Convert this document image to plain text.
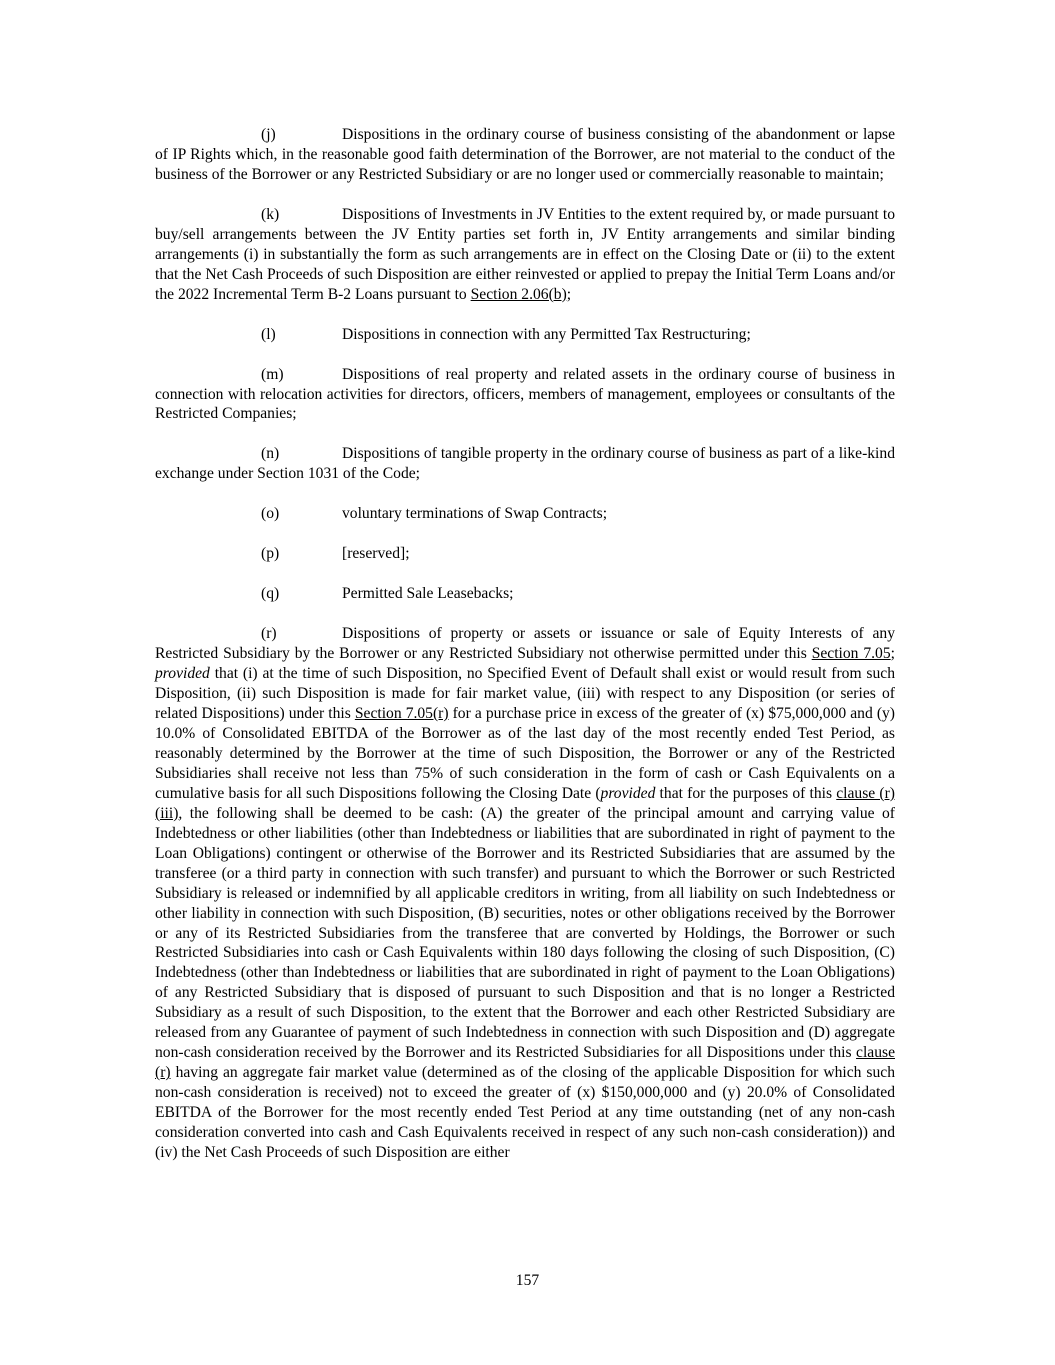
(j)	Dispositions in the ordinary course of business consisting of the abandonment or lapse of IP Rights which, in the reasonable good faith determination of the Borrower, are not material to the conduct of the business of the Borrower or any Restricted Subsidiary or are no longer used or commercially reasonable to maintain;

(k)	Dispositions of Investments in JV Entities to the extent required by, or made pursuant to buy/sell arrangements between the JV Entity parties set forth in, JV Entity arrangements and similar binding arrangements (i) in substantially the form as such arrangements are in effect on the Closing Date or (ii) to the extent that the Net Cash Proceeds of such Disposition are either reinvested or applied to prepay the Initial Term Loans and/or the 2022 Incremental Term B-2 Loans pursuant to Section 2.06(b);

(l)	Dispositions in connection with any Permitted Tax Restructuring;

(m)	Dispositions of real property and related assets in the ordinary course of business in connection with relocation activities for directors, officers, members of management, employees or consultants of the Restricted Companies;

(n)	Dispositions of tangible property in the ordinary course of business as part of a like-kind exchange under Section 1031 of the Code;

(o)	voluntary terminations of Swap Contracts;

(p)	[reserved];

(q)	Permitted Sale Leasebacks;

(r)	Dispositions of property or assets or issuance or sale of Equity Interests of any Restricted Subsidiary by the Borrower or any Restricted Subsidiary not otherwise permitted under this Section 7.05; provided that (i) at the time of such Disposition, no Specified Event of Default shall exist or would result from such Disposition, (ii) such Disposition is made for fair market value, (iii) with respect to any Disposition (or series of related Dispositions) under this Section 7.05(r) for a purchase price in excess of the greater of (x) $75,000,000 and (y) 10.0% of Consolidated EBITDA of the Borrower as of the last day of the most recently ended Test Period, as reasonably determined by the Borrower at the time of such Disposition, the Borrower or any of the Restricted Subsidiaries shall receive not less than 75% of such consideration in the form of cash or Cash Equivalents on a cumulative basis for all such Dispositions following the Closing Date (provided that for the purposes of this clause (r)(iii), the following shall be deemed to be cash: (A) the greater of the principal amount and carrying value of Indebtedness or other liabilities (other than Indebtedness or liabilities that are subordinated in right of payment to the Loan Obligations) contingent or otherwise of the Borrower and its Restricted Subsidiaries that are assumed by the transferee (or a third party in connection with such transfer) and pursuant to which the Borrower or such Restricted Subsidiary is released or indemnified by all applicable creditors in writing, from all liability on such Indebtedness or other liability in connection with such Disposition, (B) securities, notes or other obligations received by the Borrower or any of its Restricted Subsidiaries from the transferee that are converted by Holdings, the Borrower or such Restricted Subsidiaries into cash or Cash Equivalents within 180 days following the closing of such Disposition, (C) Indebtedness (other than Indebtedness or liabilities that are subordinated in right of payment to the Loan Obligations) of any Restricted Subsidiary that is disposed of pursuant to such Disposition and that is no longer a Restricted Subsidiary as a result of such Disposition, to the extent that the Borrower and each other Restricted Subsidiary are released from any Guarantee of payment of such Indebtedness in connection with such Disposition and (D) aggregate non-cash consideration received by the Borrower and its Restricted Subsidiaries for all Dispositions under this clause (r) having an aggregate fair market value (determined as of the closing of the applicable Disposition for which such non-cash consideration is received) not to exceed the greater of (x) $150,000,000 and (y) 20.0% of Consolidated EBITDA of the Borrower for the most recently ended Test Period at any time outstanding (net of any non-cash consideration converted into cash and Cash Equivalents received in respect of any such non-cash consideration)) and (iv) the Net Cash Proceeds of such Disposition are either

157
